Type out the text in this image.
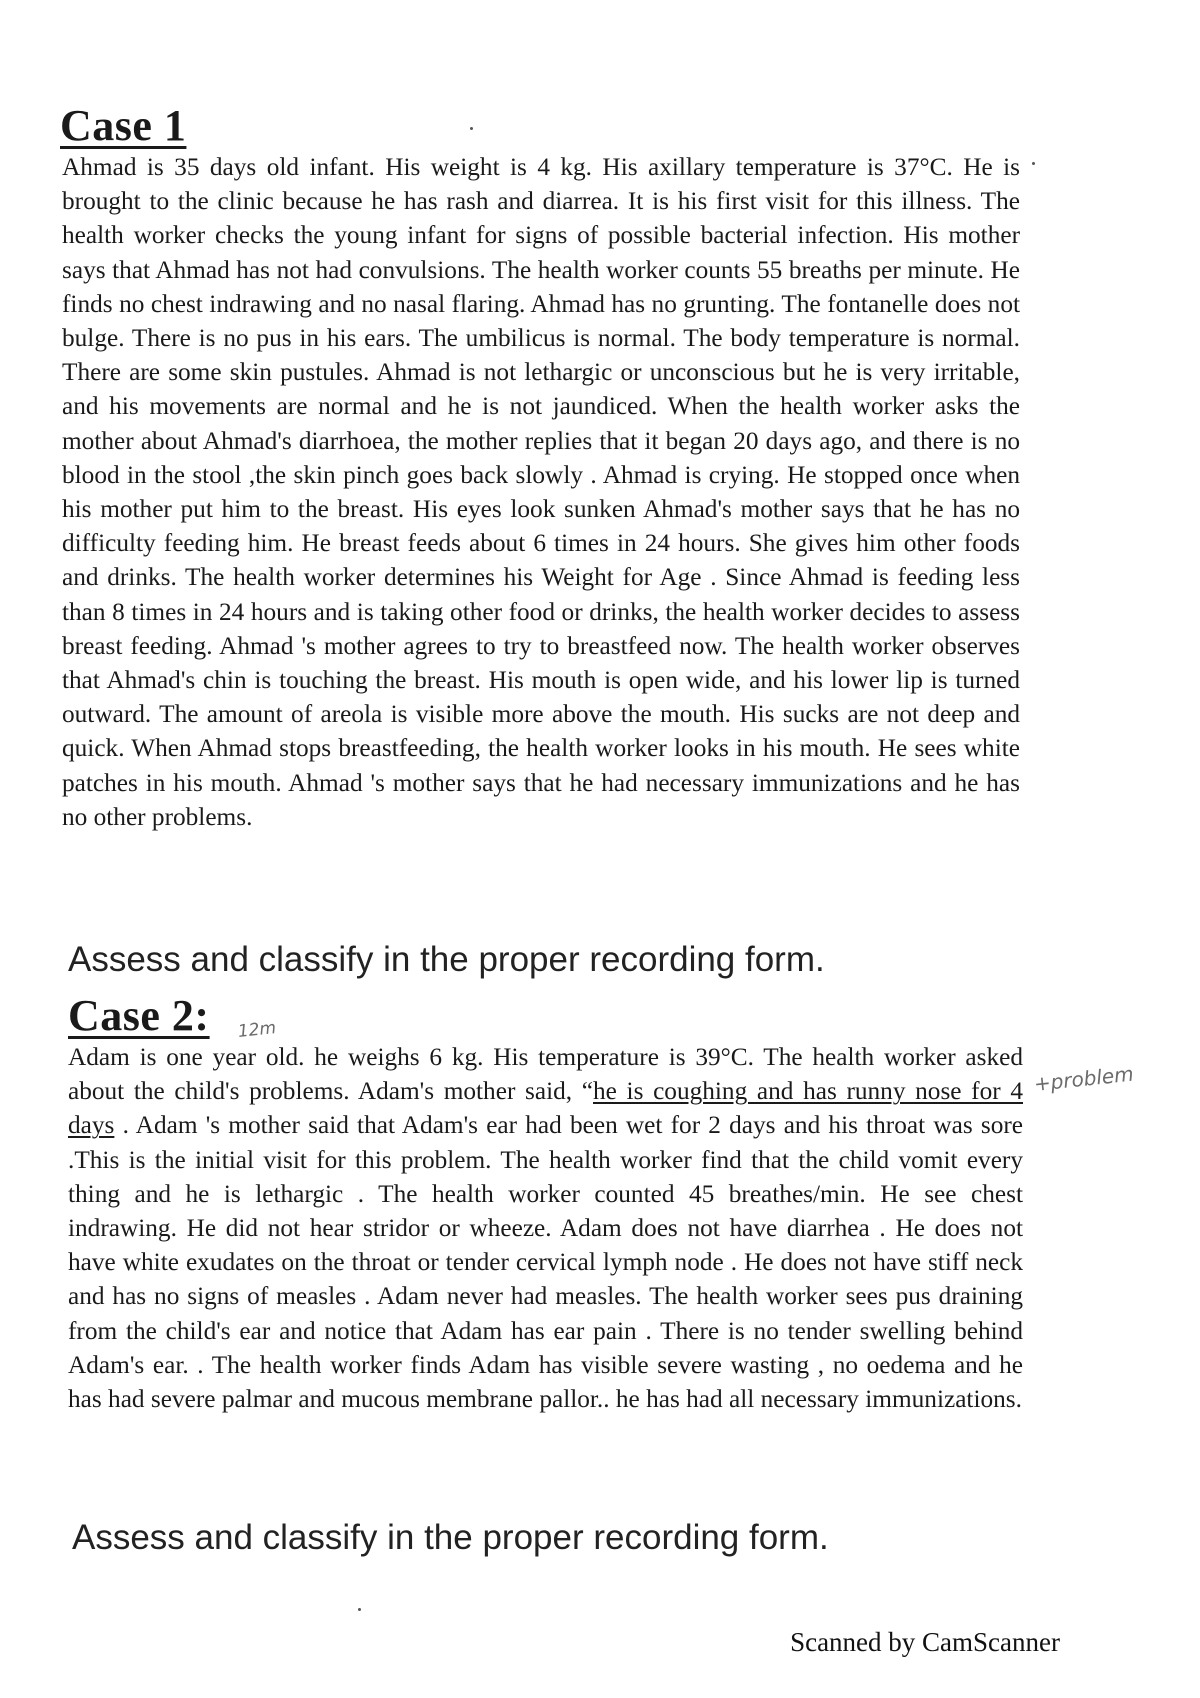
Case 1

Ahmad is 35 days old infant. His weight is 4 kg. His axillary temperature is 37°C. He is brought to the clinic because he has rash and diarrea. It is his first visit for this illness. The health worker checks the young infant for signs of possible bacterial infection. His mother says that Ahmad has not had convulsions. The health worker counts 55 breaths per minute. He finds no chest indrawing and no nasal flaring. Ahmad has no grunting. The fontanelle does not bulge. There is no pus in his ears. The umbilicus is normal. The body temperature is normal. There are some skin pustules. Ahmad is not lethargic or unconscious but he is very irritable, and his movements are normal and he is not jaundiced. When the health worker asks the mother about Ahmad's diarrhoea, the mother replies that it began 20 days ago, and there is no blood in the stool ,the skin pinch goes back slowly . Ahmad is crying. He stopped once when his mother put him to the breast. His eyes look sunken Ahmad's mother says that he has no difficulty feeding him. He breast feeds about 6 times in 24 hours. She gives him other foods and drinks. The health worker determines his Weight for Age . Since Ahmad is feeding less than 8 times in 24 hours and is taking other food or drinks, the health worker decides to assess breast feeding. Ahmad 's mother agrees to try to breastfeed now. The health worker observes that Ahmad's chin is touching the breast. His mouth is open wide, and his lower lip is turned outward. The amount of areola is visible more above the mouth. His sucks are not deep and quick. When Ahmad stops breastfeeding, the health worker looks in his mouth. He sees white patches in his mouth. Ahmad 's mother says that he had necessary immunizations and he has no other problems.

Assess and classify in the proper recording form.
Case 2: 12m
+problem

Adam is one year old. he weighs 6 kg. His temperature is 39°C. The health worker asked about the child's problems. Adam's mother said, “he is coughing and has runny nose for 4 days . Adam 's mother said that Adam's ear had been wet for 2 days and his throat was sore .This is the initial visit for this problem. The health worker find that the child vomit every thing and he is lethargic . The health worker counted 45 breathes/min. He see chest indrawing. He did not hear stridor or wheeze. Adam does not have diarrhea . He does not have white exudates on the throat or tender cervical lymph node . He does not have stiff neck and has no signs of measles . Adam never had measles. The health worker sees pus draining from the child's ear and notice that Adam has ear pain . There is no tender swelling behind Adam's ear. . The health worker finds Adam has visible severe wasting , no oedema and he has had severe palmar and mucous membrane pallor.. he has had all necessary immunizations.

Assess and classify in the proper recording form.
Scanned by CamScanner
